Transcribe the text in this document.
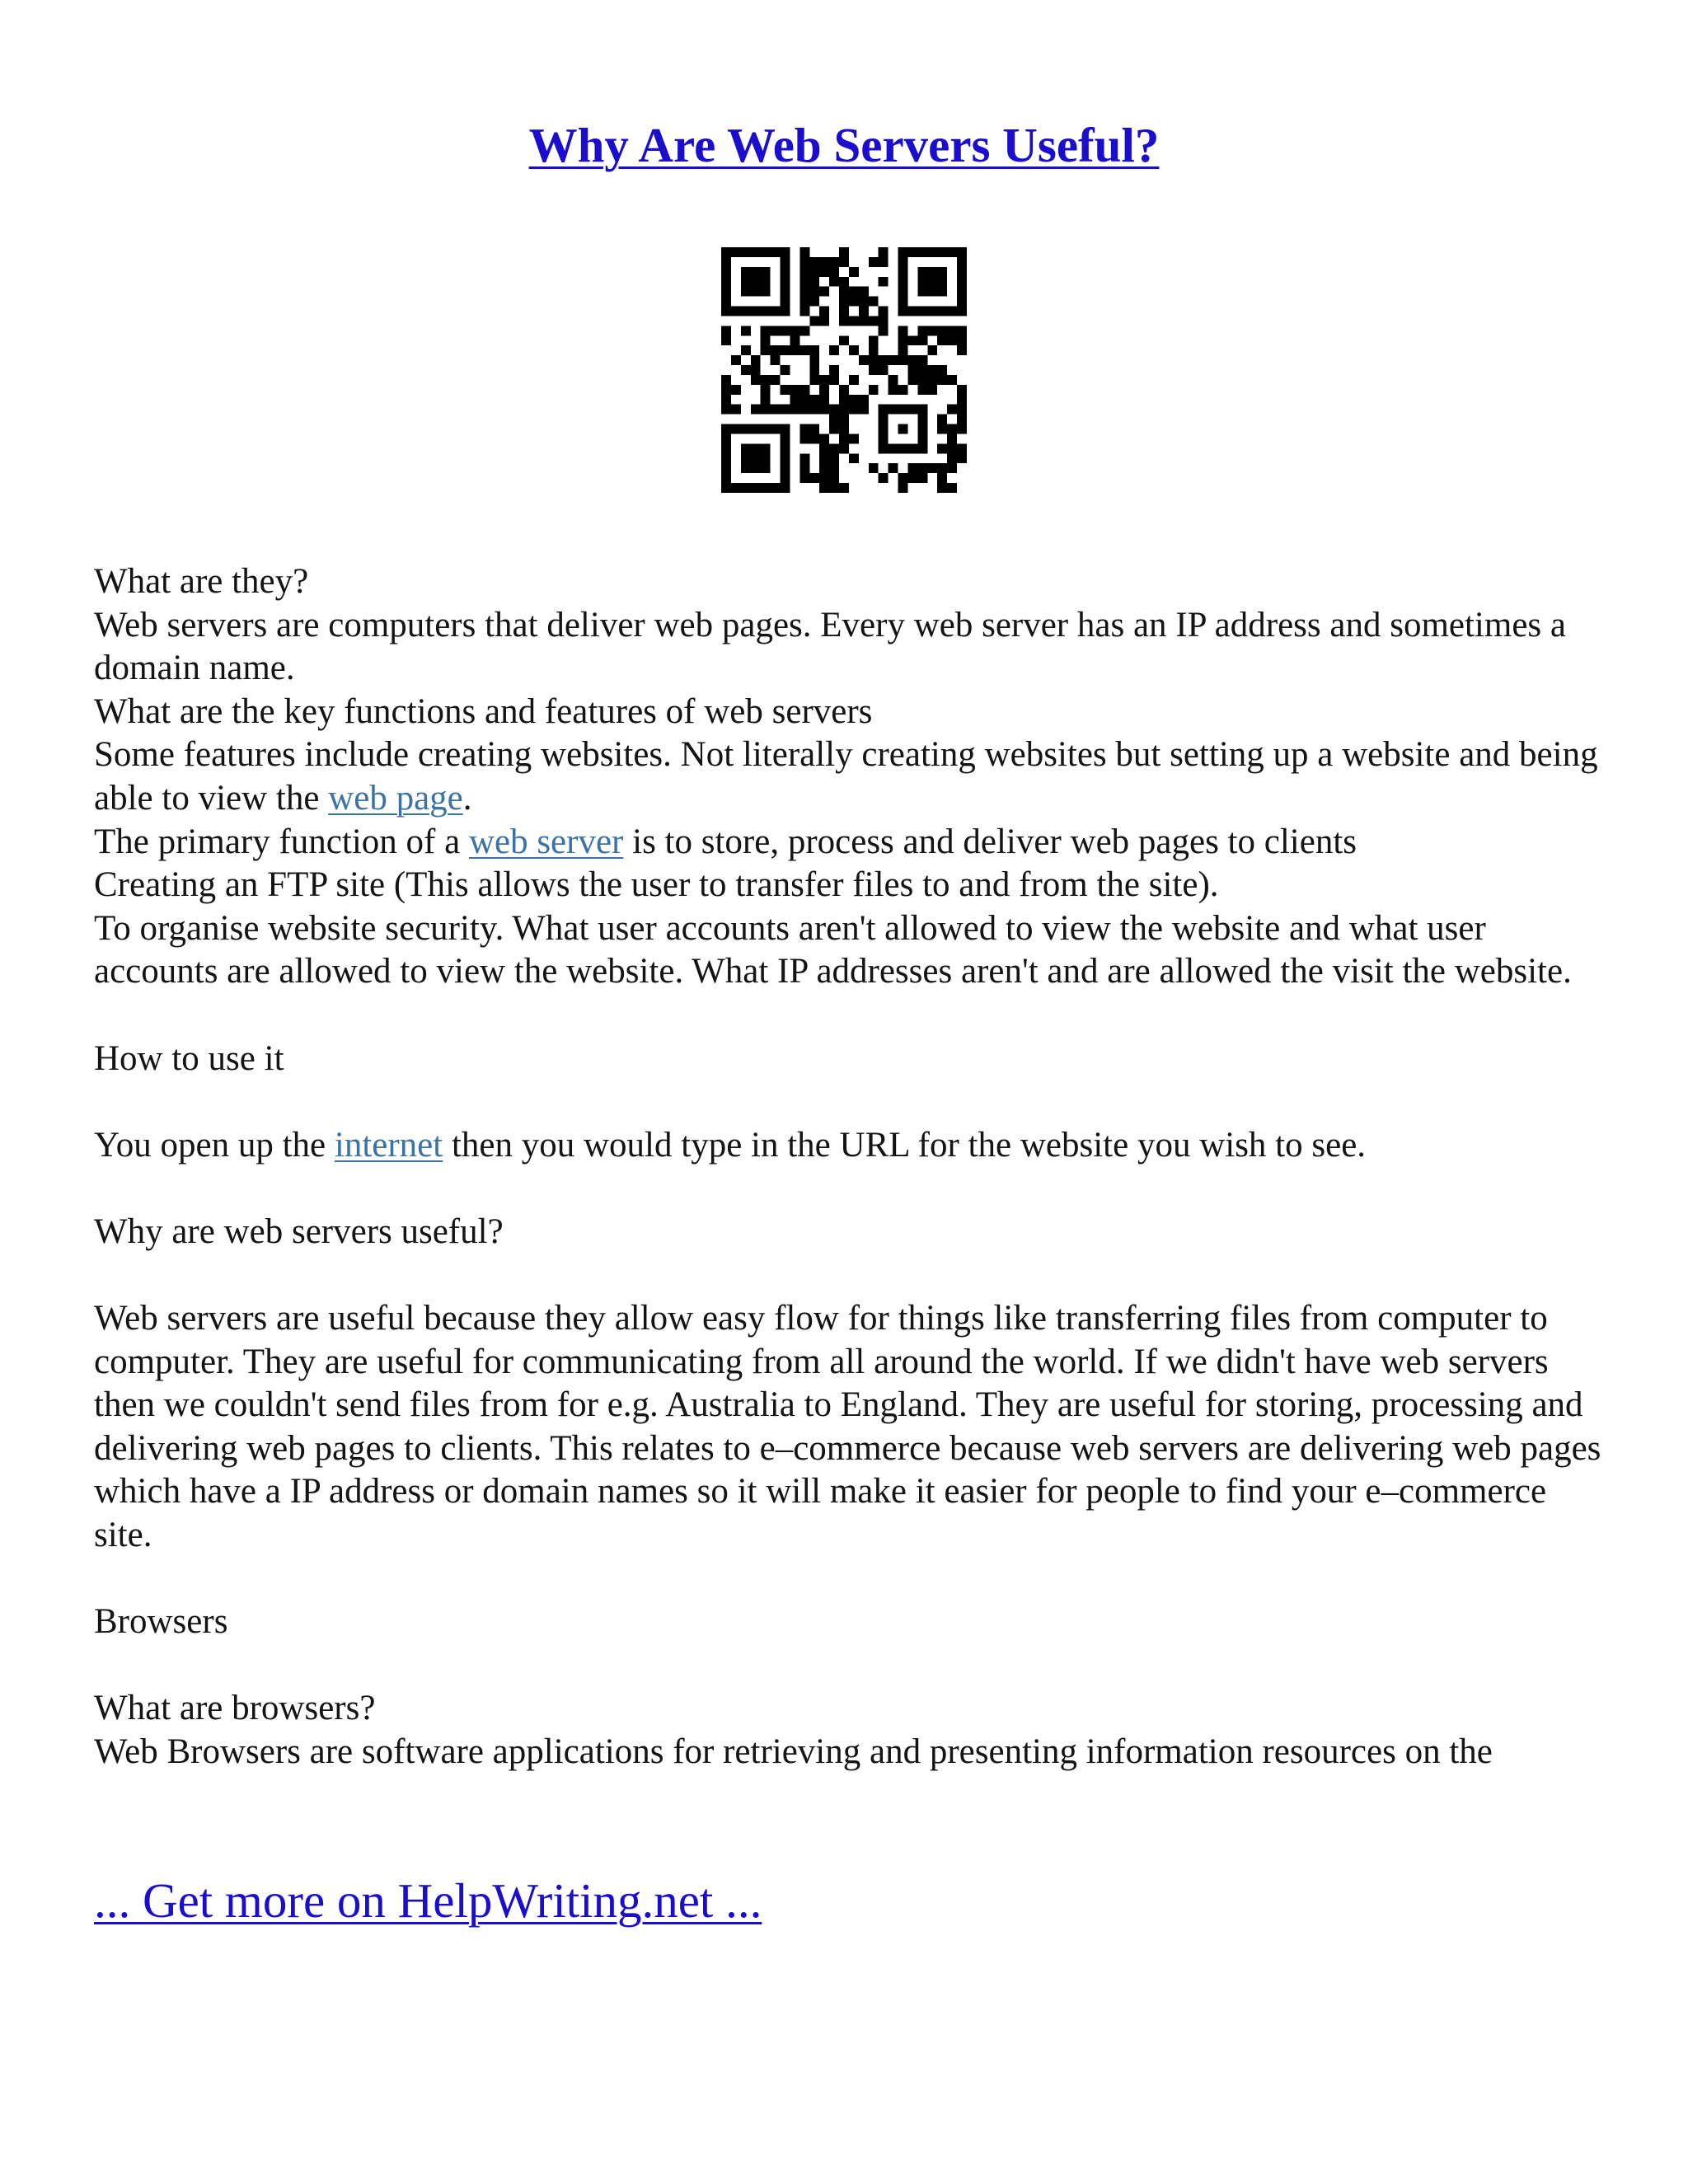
Why Are Web Servers Useful?

What are they?

Web servers are computers that deliver web pages. Every web server has an IP address and sometimes a domain name.

What are the key functions and features of web servers

Some features include creating websites. Not literally creating websites but setting up a website and being able to view the web page.

The primary function of a web server is to store, process and deliver web pages to clients

Creating an FTP site (This allows the user to transfer files to and from the site).

To organise website security. What user accounts aren't allowed to view the website and what user accounts are allowed to view the website. What IP addresses aren't and are allowed the visit the website.

How to use it

You open up the internet then you would type in the URL for the website you wish to see.

Why are web servers useful?

Web servers are useful because they allow easy flow for things like transferring files from computer to computer. They are useful for communicating from all around the world. If we didn't have web servers then we couldn't send files from for e.g. Australia to England. They are useful for storing, processing and delivering web pages to clients. This relates to e–commerce because web servers are delivering web pages which have a IP address or domain names so it will make it easier for people to find your e–commerce site.

Browsers

What are browsers?

Web Browsers are software applications for retrieving and presenting information resources on the

... Get more on HelpWriting.net ...
